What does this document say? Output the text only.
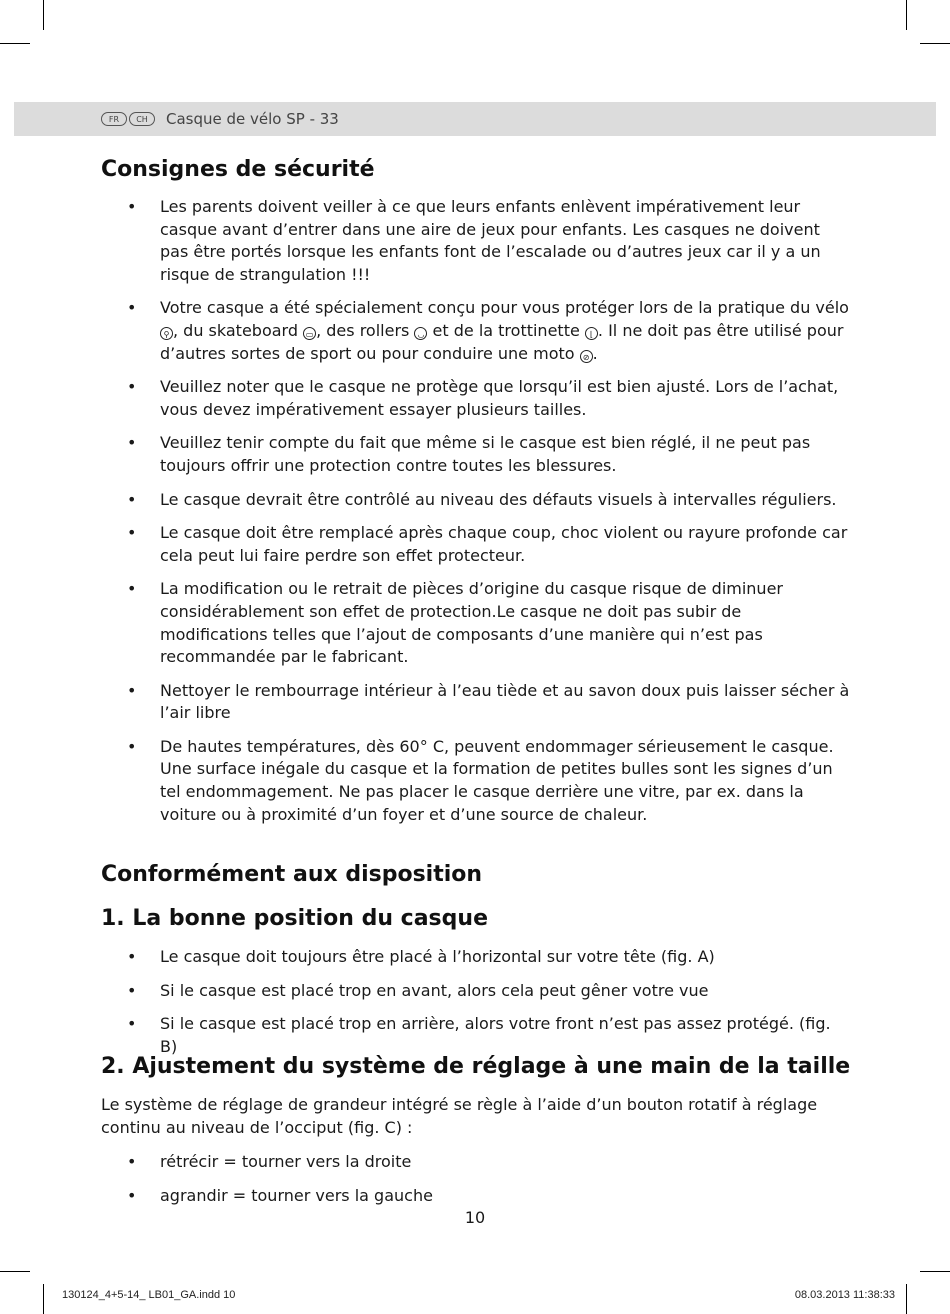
FR	CH	Casque de vélo SP - 33
Consignes de sécurité
• Les parents doivent veiller à ce que leurs enfants enlèvent impérativement leur casque avant d’entrer dans une aire de jeux pour enfants. Les casques ne doivent pas être portés lorsque les enfants font de l’escalade ou d’autres jeux car il y a un risque de strangulation !!!
• Votre casque a été spécialement conçu pour vous protéger lors de la pratique du vélo ⚲ , du skateboard ▭ , des rollers ◡ et de la trottinette ⌊ . Il ne doit pas être utilisé pour d’autres sortes de sport ou pour conduire une moto ⊘ .
• Veuillez noter que le casque ne protège que lorsqu’il est bien ajusté. Lors de l’achat, vous devez impérativement essayer plusieurs tailles.
• Veuillez tenir compte du fait que même si le casque est bien réglé, il ne peut pas toujours offrir une protection contre toutes les blessures.
• Le casque devrait être contrôlé au niveau des défauts visuels à intervalles réguliers.
• Le casque doit être remplacé après chaque coup, choc violent ou rayure profonde car cela peut lui faire perdre son effet protecteur.
• La modification ou le retrait de pièces d’origine du casque risque de diminuer considérablement son effet de protection.Le casque ne doit pas subir de modifications telles que l’ajout de composants d’une manière qui n’est pas recommandée par le fabricant.
• Nettoyer le rembourrage intérieur à l’eau tiède et au savon doux puis laisser sécher à l’air libre
• De hautes températures, dès 60° C, peuvent endommager sérieusement le casque. Une surface inégale du casque et la formation de petites bulles sont les signes d’un tel endommagement. Ne pas placer le casque derrière une vitre, par ex. dans la voiture ou à proximité d’un foyer et d’une source de chaleur.
Conformément aux disposition
1. La bonne position du casque
• Le casque doit toujours être placé à l’horizontal sur votre tête (fig. A)
• Si le casque est placé trop en avant, alors cela peut gêner votre vue
• Si le casque est placé trop en arrière, alors votre front n’est pas assez protégé. (fig. B)
2. Ajustement du système de réglage à une main de la taille
Le système de réglage de grandeur intégré se règle à l’aide d’un bouton rotatif à réglage continu au niveau de l’occiput (fig. C) :
• rétrécir = tourner vers la droite
• agrandir = tourner vers la gauche
10
130124_4+5-14_ LB01_GA.indd 10	08.03.2013 11:38:33
